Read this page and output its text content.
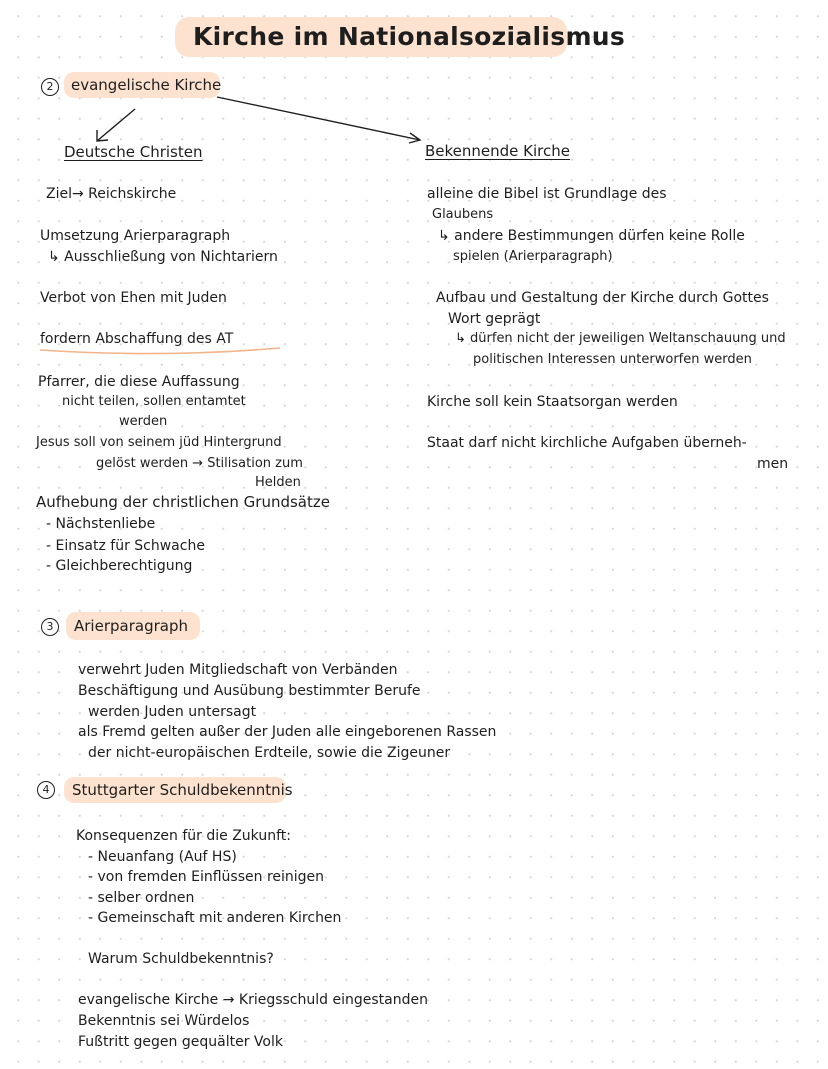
Kirche im Nationalsozialismus
2	evangelische Kirche
Deutsche Christen
Ziel→ Reichskirche
Umsetzung Arierparagraph
↳ Ausschließung von Nichtariern
Verbot von Ehen mit Juden
fordern Abschaffung des AT
Pfarrer, die diese Auffassung
nicht teilen, sollen entamtet
werden
Jesus soll von seinem jüd Hintergrund
gelöst werden → Stilisation zum
Helden
Aufhebung der christlichen Grundsätze
- Nächstenliebe
- Einsatz für Schwache
- Gleichberechtigung
Bekennende Kirche
alleine die Bibel ist Grundlage des
Glaubens
↳ andere Bestimmungen dürfen keine Rolle
spielen (Arierparagraph)
Aufbau und Gestaltung der Kirche durch Gottes
Wort geprägt
↳ dürfen nicht der jeweiligen Weltanschauung und
politischen Interessen unterworfen werden
Kirche soll kein Staatsorgan werden
Staat darf nicht kirchliche Aufgaben überneh-
men
3	Arierparagraph
verwehrt Juden Mitgliedschaft von Verbänden
Beschäftigung und Ausübung bestimmter Berufe
werden Juden untersagt
als Fremd gelten außer der Juden alle eingeborenen Rassen
der nicht-europäischen Erdteile, sowie die Zigeuner
4	Stuttgarter Schuldbekenntnis
Konsequenzen für die Zukunft:
- Neuanfang (Auf HS)
- von fremden Einflüssen reinigen
- selber ordnen
- Gemeinschaft mit anderen Kirchen
Warum Schuldbekenntnis?
evangelische Kirche → Kriegsschuld eingestanden
Bekenntnis sei Würdelos
Fußtritt gegen gequälter Volk
